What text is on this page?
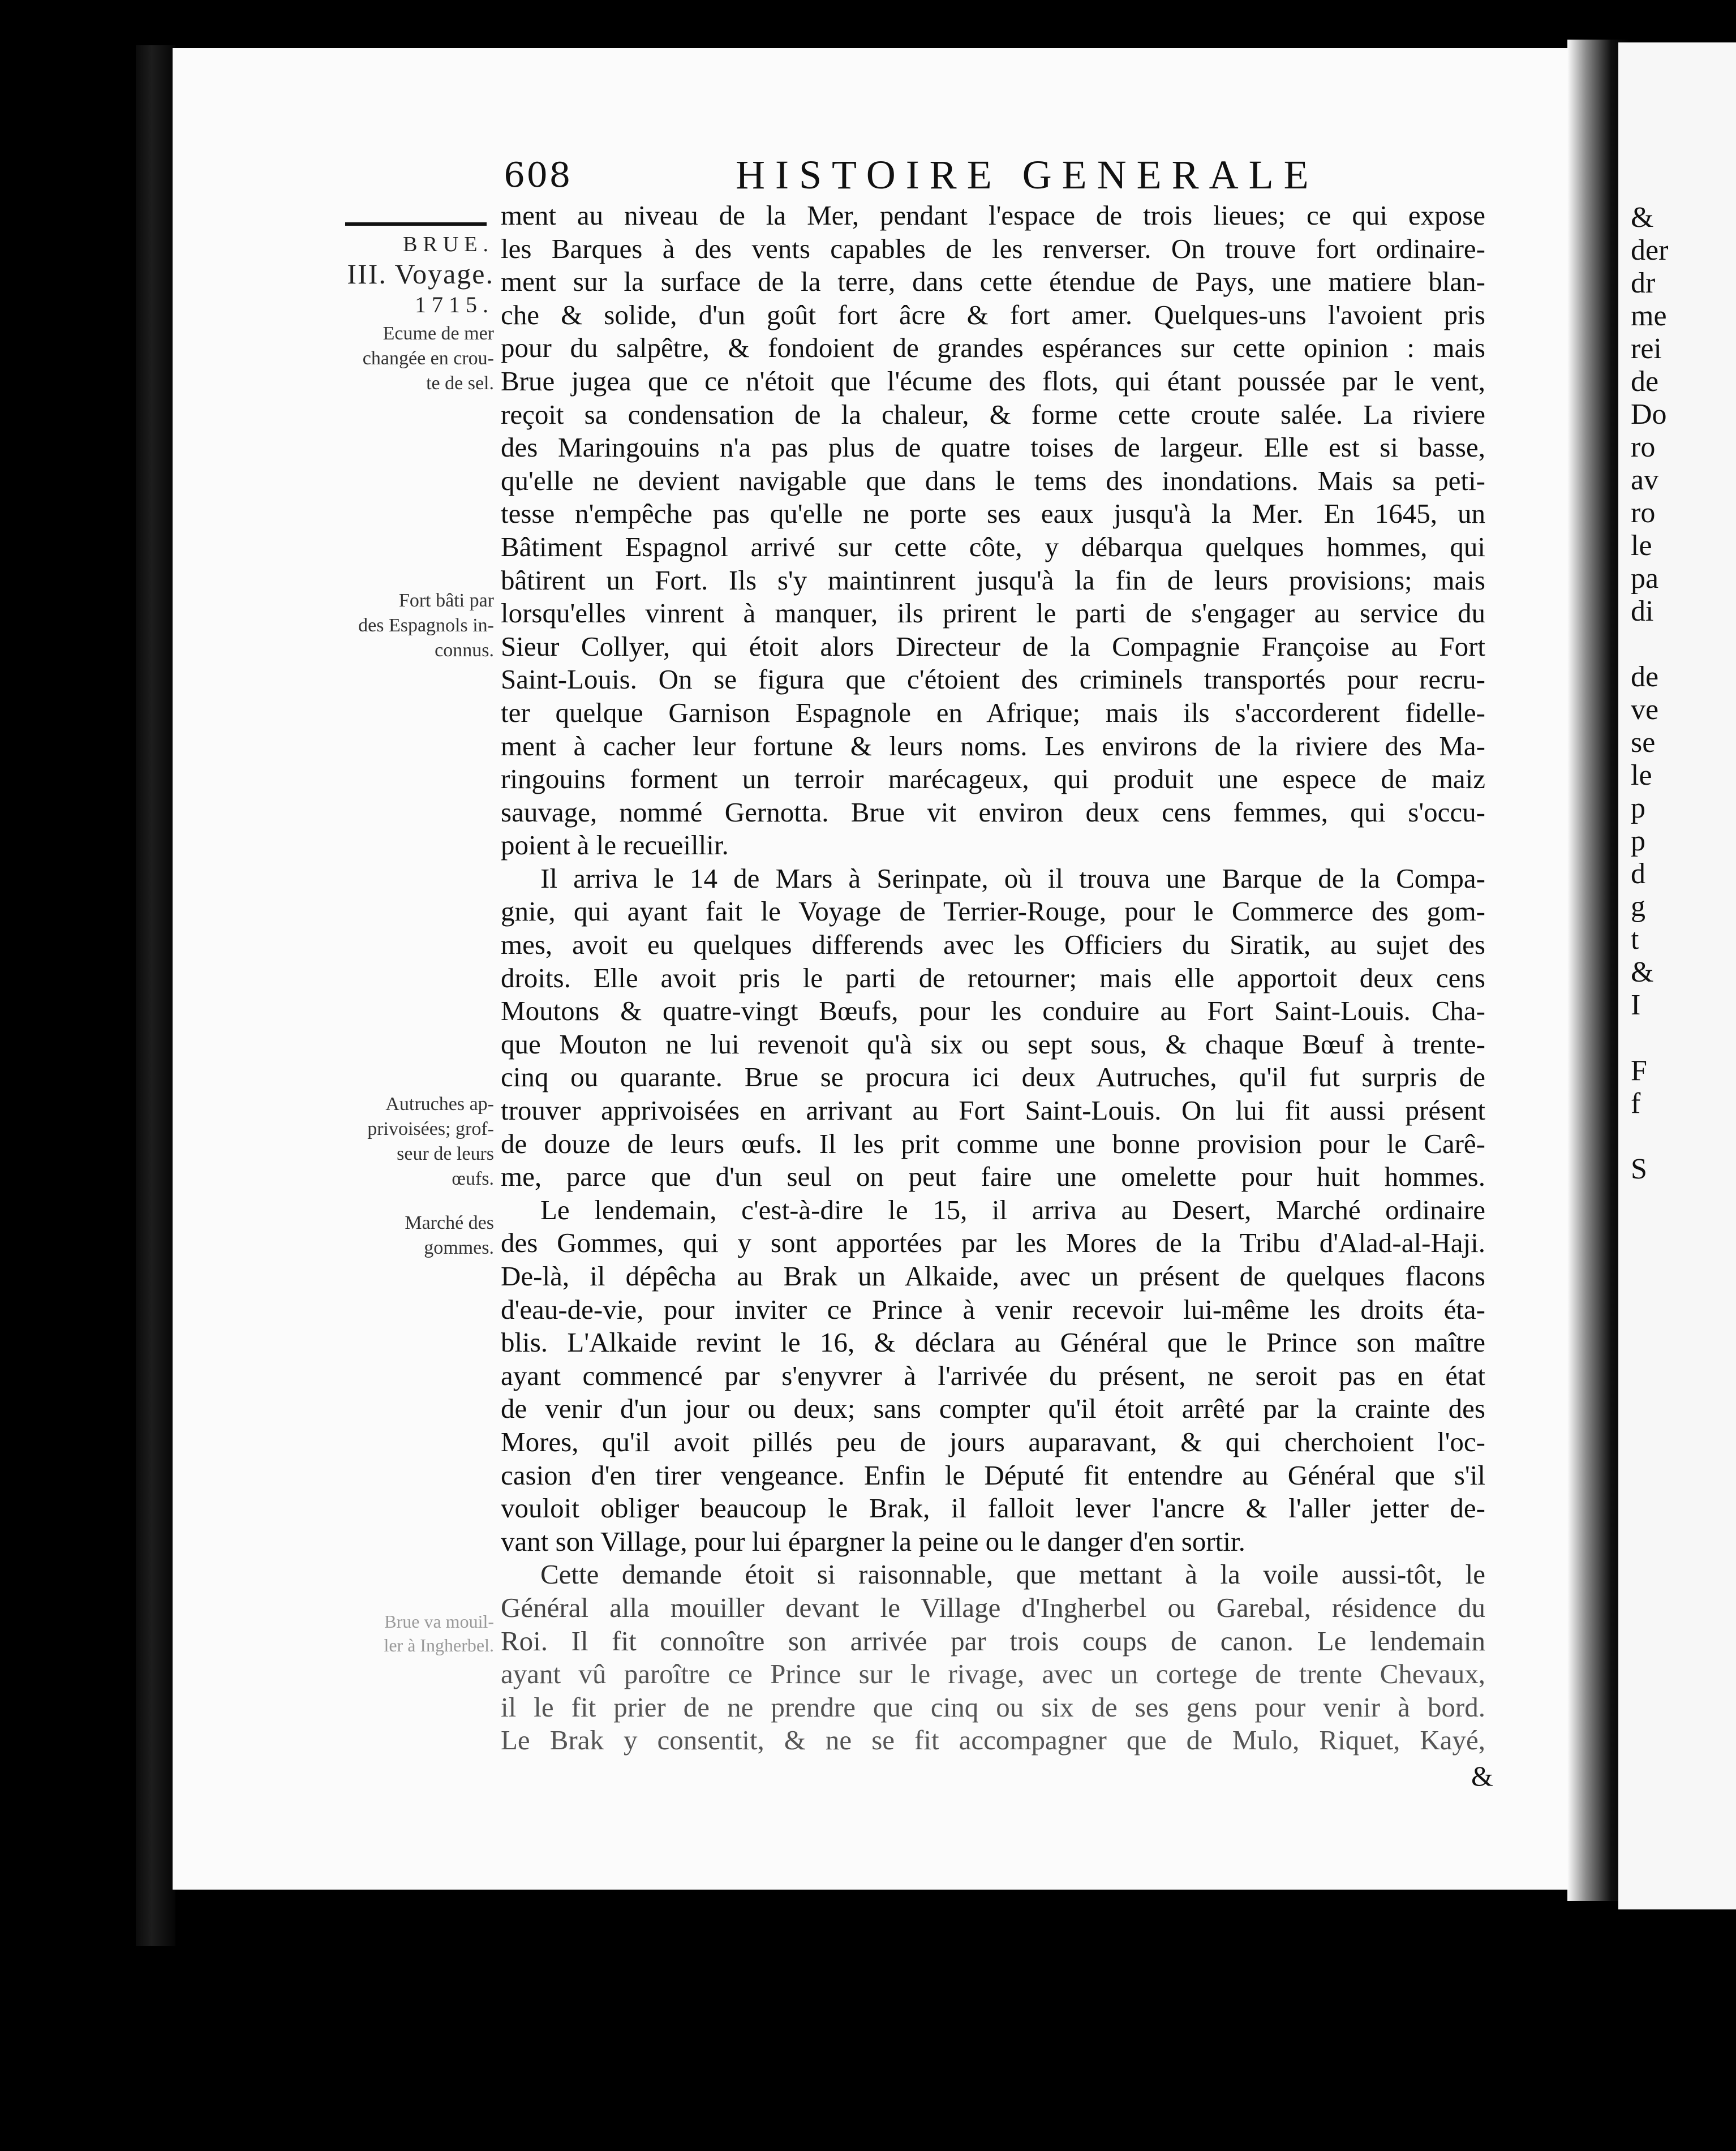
&
der
dr
me
rei
de
Do
ro
av
ro
le
pa
di
de
ve
se
le
p
p
d
g
t
&
I
F
f
S
608	HISTOIRE GENERALE
BRUE.
III. Voyage.
1715.
Ecume de mer
changée en crou-
te de sel.
Fort bâti par
des Espagnols in-
connus.
Autruches ap-
privoisées; grof-
seur de leurs
œufs.
Marché des
gommes.
Brue va mouil-
ler à Ingherbel.
ment au niveau de la Mer, pendant l'espace de trois lieues; ce qui expose
les Barques à des vents capables de les renverser. On trouve fort ordinaire-
ment sur la surface de la terre, dans cette étendue de Pays, une matiere blan-
che & solide, d'un goût fort âcre & fort amer. Quelques-uns l'avoient pris
pour du salpêtre, & fondoient de grandes espérances sur cette opinion : mais
Brue jugea que ce n'étoit que l'écume des flots, qui étant poussée par le vent,
reçoit sa condensation de la chaleur, & forme cette croute salée. La riviere
des Maringouins n'a pas plus de quatre toises de largeur. Elle est si basse,
qu'elle ne devient navigable que dans le tems des inondations. Mais sa peti-
tesse n'empêche pas qu'elle ne porte ses eaux jusqu'à la Mer. En 1645, un
Bâtiment Espagnol arrivé sur cette côte, y débarqua quelques hommes, qui
bâtirent un Fort. Ils s'y maintinrent jusqu'à la fin de leurs provisions; mais
lorsqu'elles vinrent à manquer, ils prirent le parti de s'engager au service du
Sieur Collyer, qui étoit alors Directeur de la Compagnie Françoise au Fort
Saint-Louis. On se figura que c'étoient des criminels transportés pour recru-
ter quelque Garnison Espagnole en Afrique; mais ils s'accorderent fidelle-
ment à cacher leur fortune & leurs noms. Les environs de la riviere des Ma-
ringouins forment un terroir marécageux, qui produit une espece de maiz
sauvage, nommé Gernotta. Brue vit environ deux cens femmes, qui s'occu-
poient à le recueillir.
Il arriva le 14 de Mars à Serinpate, où il trouva une Barque de la Compa-
gnie, qui ayant fait le Voyage de Terrier-Rouge, pour le Commerce des gom-
mes, avoit eu quelques differends avec les Officiers du Siratik, au sujet des
droits. Elle avoit pris le parti de retourner; mais elle apportoit deux cens
Moutons & quatre-vingt Bœufs, pour les conduire au Fort Saint-Louis. Cha-
que Mouton ne lui revenoit qu'à six ou sept sous, & chaque Bœuf à trente-
cinq ou quarante. Brue se procura ici deux Autruches, qu'il fut surpris de
trouver apprivoisées en arrivant au Fort Saint-Louis. On lui fit aussi présent
de douze de leurs œufs. Il les prit comme une bonne provision pour le Carê-
me, parce que d'un seul on peut faire une omelette pour huit hommes.
Le lendemain, c'est-à-dire le 15, il arriva au Desert, Marché ordinaire
des Gommes, qui y sont apportées par les Mores de la Tribu d'Alad-al-Haji.
De-là, il dépêcha au Brak un Alkaide, avec un présent de quelques flacons
d'eau-de-vie, pour inviter ce Prince à venir recevoir lui-même les droits éta-
blis. L'Alkaide revint le 16, & déclara au Général que le Prince son maître
ayant commencé par s'enyvrer à l'arrivée du présent, ne seroit pas en état
de venir d'un jour ou deux; sans compter qu'il étoit arrêté par la crainte des
Mores, qu'il avoit pillés peu de jours auparavant, & qui cherchoient l'oc-
casion d'en tirer vengeance. Enfin le Député fit entendre au Général que s'il
vouloit obliger beaucoup le Brak, il falloit lever l'ancre & l'aller jetter de-
vant son Village, pour lui épargner la peine ou le danger d'en sortir.
Cette demande étoit si raisonnable, que mettant à la voile aussi-tôt, le
Général alla mouiller devant le Village d'Ingherbel ou Garebal, résidence du
Roi. Il fit connoître son arrivée par trois coups de canon. Le lendemain
ayant vû paroître ce Prince sur le rivage, avec un cortege de trente Chevaux,
il le fit prier de ne prendre que cinq ou six de ses gens pour venir à bord.
Le Brak y consentit, & ne se fit accompagner que de Mulo, Riquet, Kayé,
&
